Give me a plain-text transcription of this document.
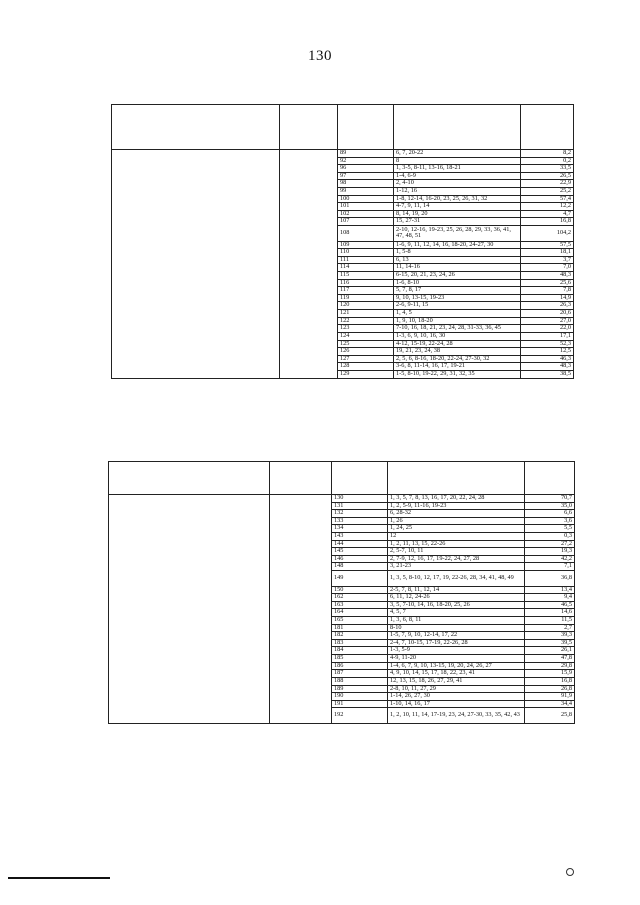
130

		89	6, 7, 20-22	8,2
		92	8	0,2
		96	1, 3-5, 8-11, 13-16, 18-21	33,5
		97	1-4, 6-9	26,5
		98	2, 4-10	22,9
		99	1-12, 16	25,2
		100	1-8, 12-14, 16-20, 23, 25, 26, 31, 32	57,4
		101	4-7, 9, 11, 14	12,2
		102	8, 14, 19, 20	4,7
		107	15, 27-31	16,8
		108	2-10, 12-16, 19-23, 25, 26, 28, 29, 33, 36, 41, 47, 48, 51	104,2
		109	1-6, 9, 11, 12, 14, 16, 18-20, 24-27, 30	57,5
		110	1, 5-8	18,1
		111	6, 13	3,7
		114	11, 14-16	7,0
		115	6-15, 20, 21, 23, 24, 26	48,3
		116	1-6, 8-10	25,6
		117	5, 7, 8, 17	7,8
		119	9, 10, 13-15, 19-23	14,9
		120	2-6, 9-11, 15	26,3
		121	1, 4, 5	20,6
		122	1, 9, 10, 18-20	27,0
		123	7-10, 16, 18, 21, 23, 24, 28, 31-33, 36, 45	22,0
		124	1-3, 6, 9, 10, 16, 30	17,1
		125	4-12, 15-19, 22-24, 28	52,3
		126	19, 21, 23, 24, 38	12,5
		127	2, 5, 6, 8-16, 18-20, 22-24, 27-30, 32	46,3
		128	3-6, 8, 11-14, 16, 17, 19-21	48,3
		129	1-5, 8-10, 19-22, 29, 31, 32, 35	38,5

		130	1, 3, 5, 7, 8, 13, 16, 17, 20, 22, 24, 28	70,7
		131	1, 2, 5-9, 11-16, 19-23	35,0
		132	6, 28-32	6,6
		133	1, 26	3,6
		134	1, 24, 25	5,5
		143	12	0,3
		144	1, 2, 11, 13, 15, 22-26	27,2
		145	2, 5-7, 10, 11	19,3
		146	2, 7-9, 12, 16, 17, 19-22, 24, 27, 28	42,2
		148	3, 21-23	7,1
		149	1, 3, 5, 8-10, 12, 17, 19, 22-26, 28, 34, 41, 48, 49	36,8
		150	2-5, 7, 8, 11, 12, 14	13,4
		162	6, 11, 12, 24-26	9,4
		163	3, 5, 7-10, 14, 16, 18-20, 25, 26	46,5
		164	4, 5, 7	14,6
		165	1, 3, 6, 8, 11	11,5
		181	8-10	2,7
		182	1-5, 7, 9, 10, 12-14, 17, 22	39,3
		183	2-4, 7, 10-15, 17-19, 22-26, 28	39,5
		184	1-3, 5-9	26,1
		185	4-9, 11-20	47,8
		186	1-4, 6, 7, 9, 10, 13-15, 19, 20, 24, 26, 27	29,8
		187	4, 9, 10, 14, 15, 17, 18, 22, 23, 41	15,9
		188	12, 13, 15, 18, 26, 27, 29, 41	16,8
		189	2-8, 10, 11, 27, 29	26,8
		190	1-14, 26, 27, 30	91,9
		191	1-10, 14, 16, 17	34,4
		192	1, 2, 10, 11, 14, 17-19, 23, 24, 27-30, 33, 35, 42, 43	25,8
